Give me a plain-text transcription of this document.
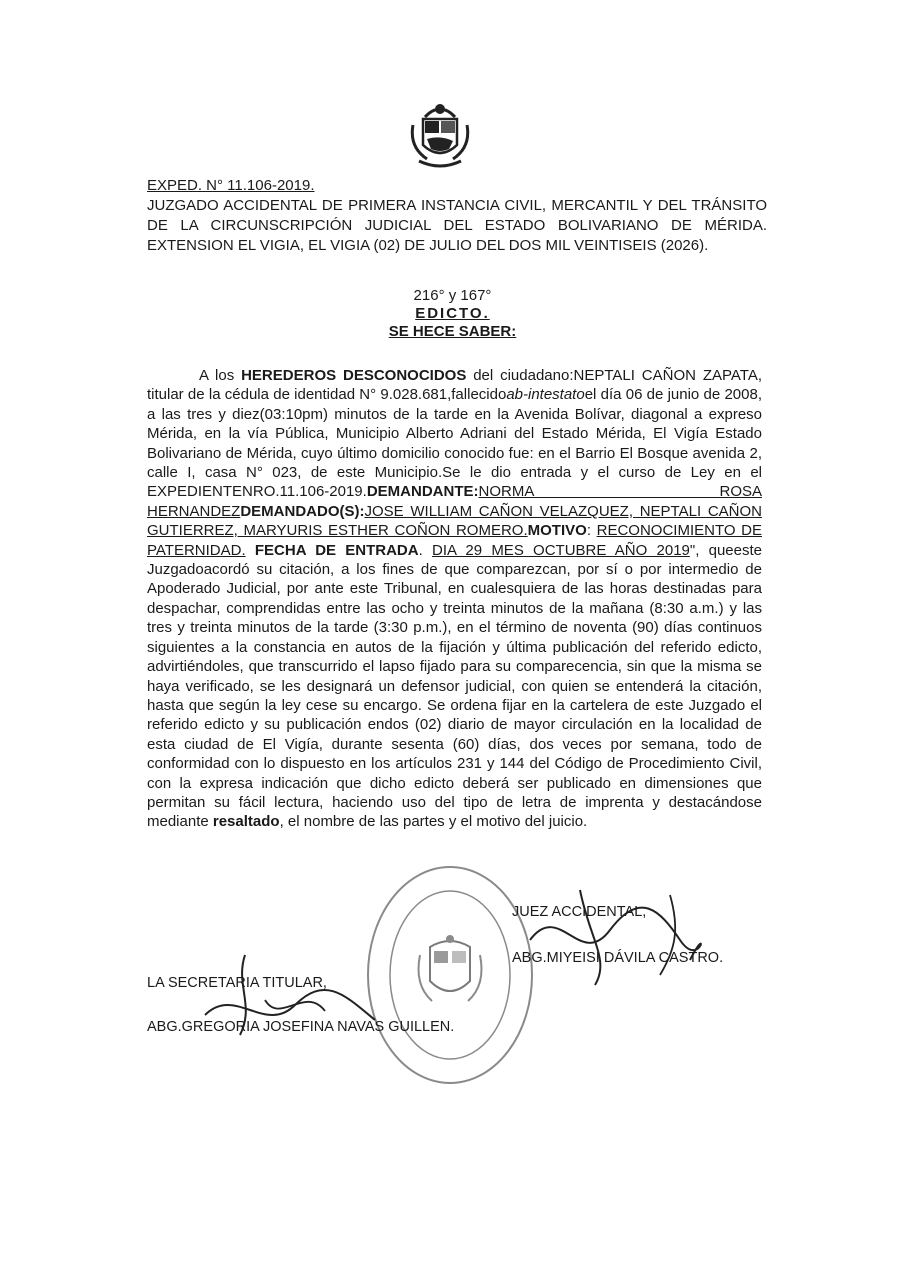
EXPED. N° 11.106-2019.
JUZGADO ACCIDENTAL DE PRIMERA INSTANCIA CIVIL, MERCANTIL Y DEL TRÁNSITO DE LA CIRCUNSCRIPCIÓN JUDICIAL DEL ESTADO BOLIVARIANO DE MÉRIDA. EXTENSION EL VIGIA, EL VIGIA (02) DE JULIO DEL DOS MIL VEINTISEIS (2026).
216° y 167°
EDICTO.
SE HECE SABER:

A los HEREDEROS DESCONOCIDOS del ciudadano:NEPTALI CAÑON ZAPATA, titular de la cédula de identidad N° 9.028.681,fallecidoab-intestatoel día 06 de junio de 2008, a las tres y diez(03:10pm) minutos de la tarde en la Avenida Bolívar, diagonal a expreso Mérida, en la vía Pública, Municipio Alberto Adriani del Estado Mérida, El Vigía Estado Bolivariano de Mérida, cuyo último domicilio conocido fue: en el Barrio El Bosque avenida 2, calle I, casa N° 023, de este Municipio.Se le dio entrada y el curso de Ley en el EXPEDIENTENRO.11.106-2019.DEMANDANTE:NORMA ROSA HERNANDEZDEMANDADO(S):JOSE WILLIAM CAÑON VELAZQUEZ, NEPTALI CAÑON GUTIERREZ, MARYURIS ESTHER COÑON ROMERO.MOTIVO: RECONOCIMIENTO DE PATERNIDAD. FECHA DE ENTRADA. DIA 29 MES OCTUBRE AÑO 2019", queeste Juzgadoacordó su citación, a los fines de que comparezcan, por sí o por intermedio de Apoderado Judicial, por ante este Tribunal, en cualesquiera de las horas destinadas para despachar, comprendidas entre las ocho y treinta minutos de la mañana (8:30 a.m.) y las tres y treinta minutos de la tarde (3:30 p.m.), en el término de noventa (90) días continuos siguientes a la constancia en autos de la fijación y última publicación del referido edicto, advirtiéndoles, que transcurrido el lapso fijado para su comparecencia, sin que la misma se haya verificado, se les designará un defensor judicial, con quien se entenderá la citación, hasta que según la ley cese su encargo. Se ordena fijar en la cartelera de este Juzgado el referido edicto y su publicación endos (02) diario de mayor circulación en la localidad de esta ciudad de El Vigía, durante sesenta (60) días, dos veces por semana, todo de conformidad con lo dispuesto en los artículos 231 y 144 del Código de Procedimiento Civil, con la expresa indicación que dicho edicto deberá ser publicado en dimensiones que permitan su fácil lectura, haciendo uso del tipo de letra de imprenta y destacándose mediante resaltado, el nombre de las partes y el motivo del juicio.

JUEZ ACCIDENTAL,
ABG.MIYEISI DÁVILA CASTRO.
LA SECRETARIA TITULAR,
ABG.GREGORIA JOSEFINA NAVAS GUILLEN.
